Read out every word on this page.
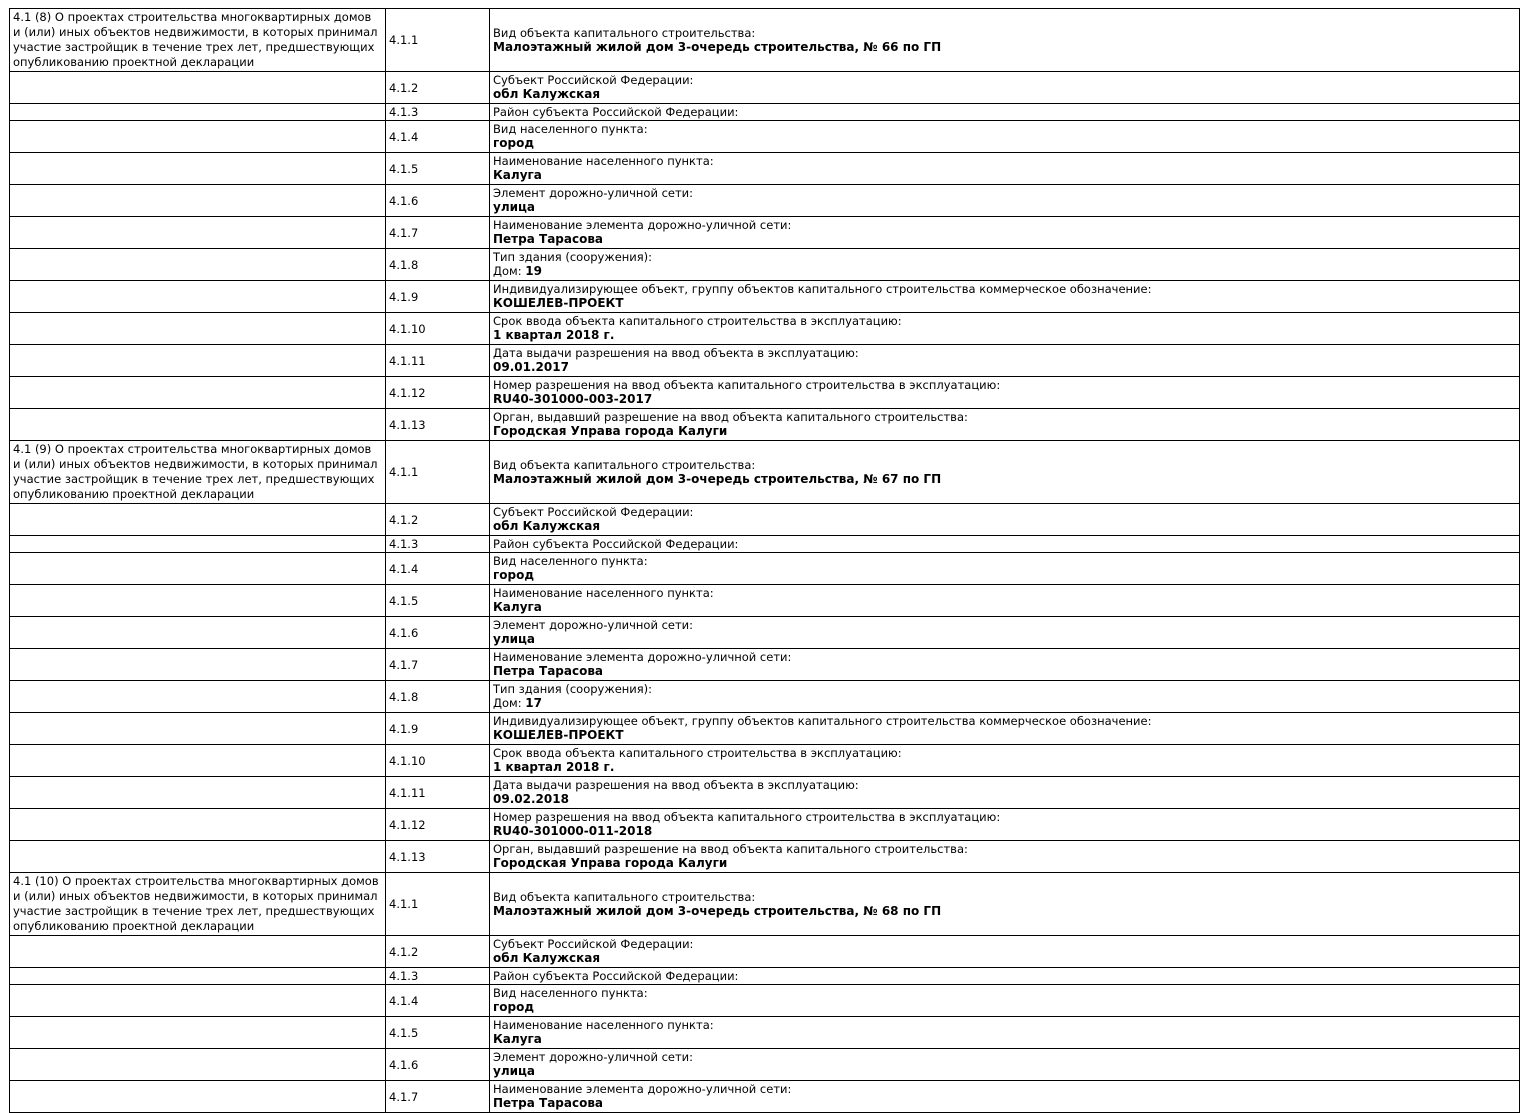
4.1 (8) О проектах строительства многоквартирных домов и (или) иных объектов недвижимости, в которых принимал участие застройщик в течение трех лет, предшествующих опубликованию проектной декларации	4.1.1	Вид объекта капитального строительства:
Малоэтажный жилой дом 3-очередь строительства, № 66 по ГП

	4.1.2	Субъект Российской Федерации:
обл Калужская

	4.1.3	Район субъекта Российской Федерации:

	4.1.4	Вид населенного пункта:
город

	4.1.5	Наименование населенного пункта:
Калуга

	4.1.6	Элемент дорожно-уличной сети:
улица

	4.1.7	Наименование элемента дорожно-уличной сети:
Петра Тарасова

	4.1.8	Тип здания (сооружения):
Дом: 19

	4.1.9	Индивидуализирующее объект, группу объектов капитального строительства коммерческое обозначение:
КОШЕЛЕВ-ПРОЕКТ

	4.1.10	Срок ввода объекта капитального строительства в эксплуатацию:
1 квартал 2018 г.

	4.1.11	Дата выдачи разрешения на ввод объекта в эксплуатацию:
09.01.2017

	4.1.12	Номер разрешения на ввод объекта капитального строительства в эксплуатацию:
RU40-301000-003-2017

	4.1.13	Орган, выдавший разрешение на ввод объекта капитального строительства:
Городская Управа города Калуги

4.1 (9) О проектах строительства многоквартирных домов и (или) иных объектов недвижимости, в которых принимал участие застройщик в течение трех лет, предшествующих опубликованию проектной декларации	4.1.1	Вид объекта капитального строительства:
Малоэтажный жилой дом 3-очередь строительства, № 67 по ГП

	4.1.2	Субъект Российской Федерации:
обл Калужская

	4.1.3	Район субъекта Российской Федерации:

	4.1.4	Вид населенного пункта:
город

	4.1.5	Наименование населенного пункта:
Калуга

	4.1.6	Элемент дорожно-уличной сети:
улица

	4.1.7	Наименование элемента дорожно-уличной сети:
Петра Тарасова

	4.1.8	Тип здания (сооружения):
Дом: 17

	4.1.9	Индивидуализирующее объект, группу объектов капитального строительства коммерческое обозначение:
КОШЕЛЕВ-ПРОЕКТ

	4.1.10	Срок ввода объекта капитального строительства в эксплуатацию:
1 квартал 2018 г.

	4.1.11	Дата выдачи разрешения на ввод объекта в эксплуатацию:
09.02.2018

	4.1.12	Номер разрешения на ввод объекта капитального строительства в эксплуатацию:
RU40-301000-011-2018

	4.1.13	Орган, выдавший разрешение на ввод объекта капитального строительства:
Городская Управа города Калуги

4.1 (10) О проектах строительства многоквартирных домов и (или) иных объектов недвижимости, в которых принимал участие застройщик в течение трех лет, предшествующих опубликованию проектной декларации	4.1.1	Вид объекта капитального строительства:
Малоэтажный жилой дом 3-очередь строительства, № 68 по ГП

	4.1.2	Субъект Российской Федерации:
обл Калужская

	4.1.3	Район субъекта Российской Федерации:

	4.1.4	Вид населенного пункта:
город

	4.1.5	Наименование населенного пункта:
Калуга

	4.1.6	Элемент дорожно-уличной сети:
улица

	4.1.7	Наименование элемента дорожно-уличной сети:
Петра Тарасова
